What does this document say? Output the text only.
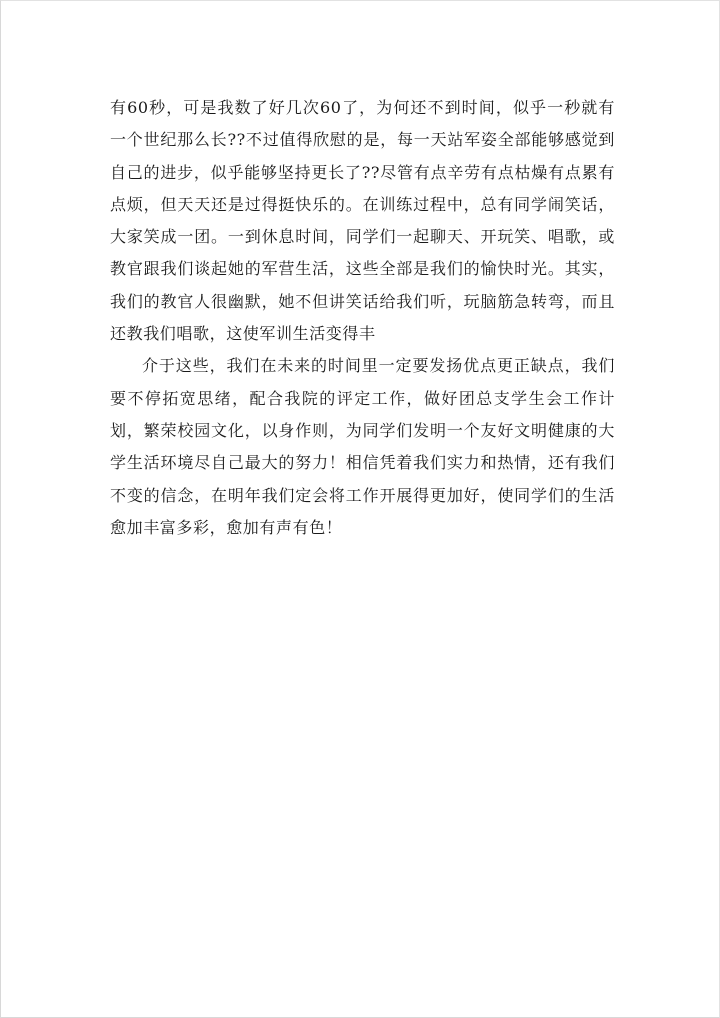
有60秒，可是我数了好几次60了，为何还不到时间，似乎一秒就有一个世纪那么长??不过值得欣慰的是，每一天站军姿全部能够感觉到自己的进步，似乎能够坚持更长了??尽管有点辛劳有点枯燥有点累有点烦，但天天还是过得挺快乐的。在训练过程中，总有同学闹笑话，大家笑成一团。一到休息时间，同学们一起聊天、开玩笑、唱歌，或教官跟我们谈起她的军营生活，这些全部是我们的愉快时光。其实，我们的教官人很幽默，她不但讲笑话给我们听，玩脑筋急转弯，而且还教我们唱歌，这使军训生活变得丰

介于这些，我们在未来的时间里一定要发扬优点更正缺点，我们要不停拓宽思绪，配合我院的评定工作，做好团总支学生会工作计划，繁荣校园文化，以身作则，为同学们发明一个友好文明健康的大学生活环境尽自己最大的努力！相信凭着我们实力和热情，还有我们不变的信念，在明年我们定会将工作开展得更加好，使同学们的生活愈加丰富多彩，愈加有声有色！
